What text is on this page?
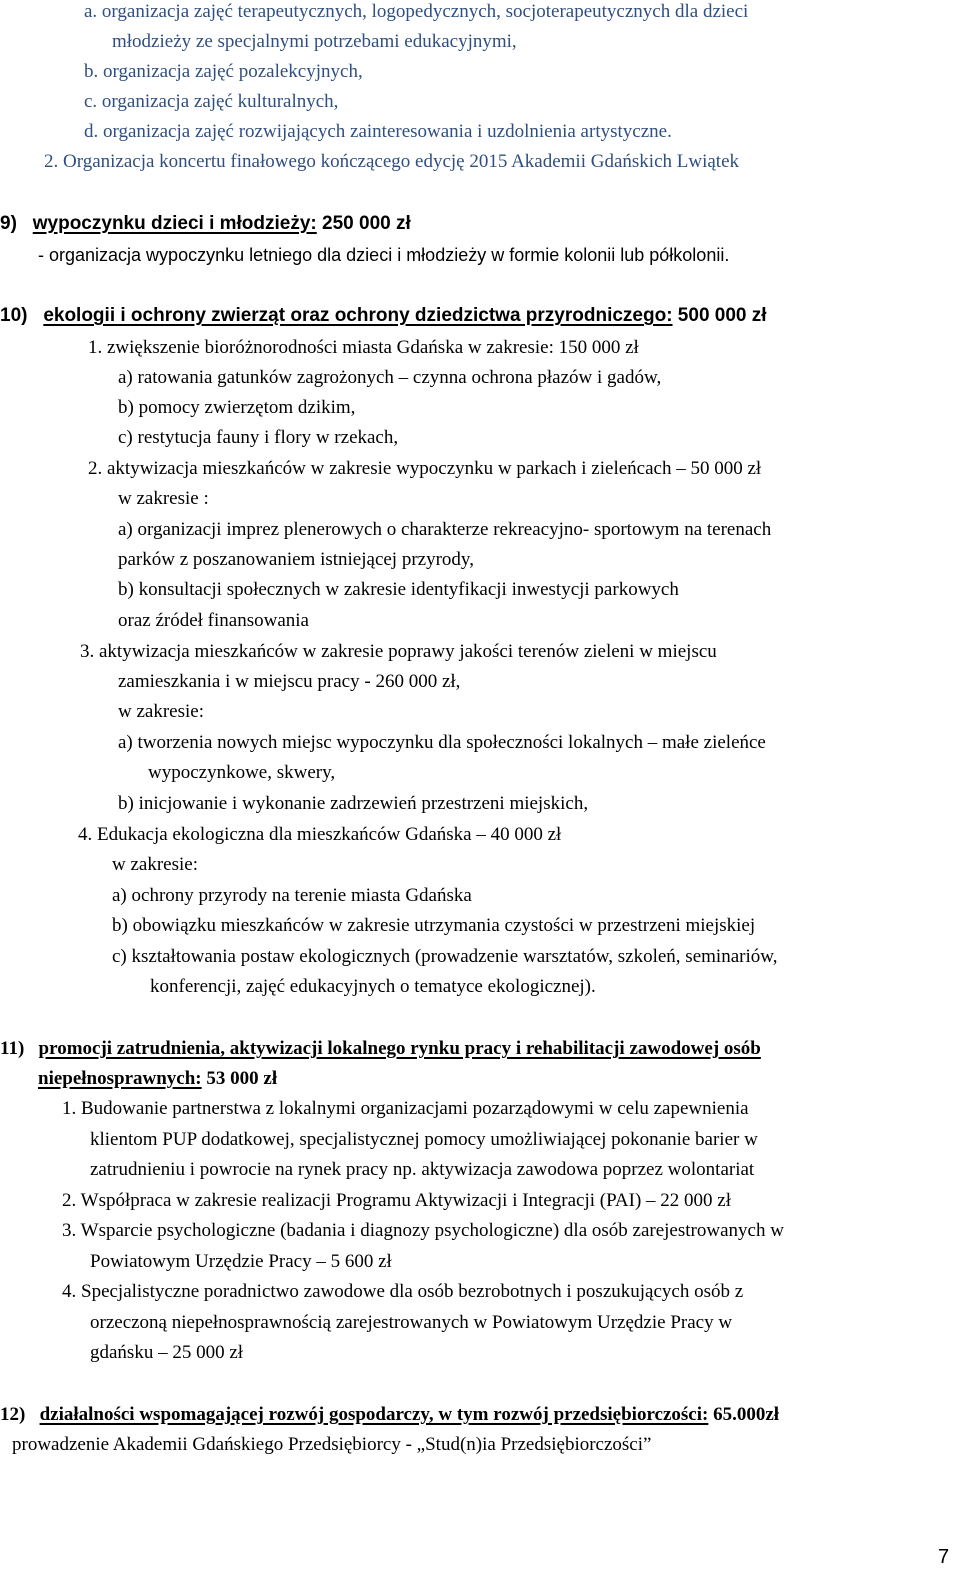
a. organizacja zajęć terapeutycznych, logopedycznych, socjoterapeutycznych dla dzieci
młodzieży ze specjalnymi potrzebami edukacyjnymi,
b. organizacja zajęć pozalekcyjnych,
c. organizacja zajęć kulturalnych,
d. organizacja zajęć rozwijających zainteresowania i uzdolnienia artystyczne.
2. Organizacja koncertu finałowego kończącego edycję 2015 Akademii Gdańskich Lwiątek
9) wypoczynku dzieci i młodzieży: 250 000 zł
- organizacja wypoczynku letniego dla dzieci i młodzieży w formie kolonii lub półkolonii.
10) ekologii i ochrony zwierząt oraz ochrony dziedzictwa przyrodniczego: 500 000 zł
1. zwiększenie bioróżnorodności miasta Gdańska w zakresie: 150 000 zł
a) ratowania gatunków zagrożonych – czynna ochrona płazów i gadów,
b) pomocy zwierzętom dzikim,
c) restytucja fauny i flory w rzekach,
2. aktywizacja mieszkańców w zakresie wypoczynku w parkach i zieleńcach – 50 000 zł
w zakresie :
a) organizacji imprez plenerowych o charakterze rekreacyjno- sportowym na terenach
parków z poszanowaniem istniejącej przyrody,
b) konsultacji społecznych w zakresie identyfikacji inwestycji parkowych
oraz źródeł finansowania
3. aktywizacja mieszkańców w zakresie poprawy jakości terenów zieleni w miejscu
zamieszkania i w miejscu pracy - 260 000 zł,
w zakresie:
a) tworzenia nowych miejsc wypoczynku dla społeczności lokalnych – małe zieleńce
wypoczynkowe, skwery,
b) inicjowanie i wykonanie zadrzewień przestrzeni miejskich,
4. Edukacja ekologiczna dla mieszkańców Gdańska – 40 000 zł
w zakresie:
a) ochrony przyrody na terenie miasta Gdańska
b) obowiązku mieszkańców w zakresie utrzymania czystości w przestrzeni miejskiej
c) kształtowania postaw ekologicznych (prowadzenie warsztatów, szkoleń, seminariów,
konferencji, zajęć edukacyjnych o tematyce ekologicznej).
11) promocji zatrudnienia, aktywizacji lokalnego rynku pracy i rehabilitacji zawodowej osób
niepełnosprawnych: 53 000 zł
1. Budowanie partnerstwa z lokalnymi organizacjami pozarządowymi w celu zapewnienia
klientom PUP dodatkowej, specjalistycznej pomocy umożliwiającej pokonanie barier w
zatrudnieniu i powrocie na rynek pracy np. aktywizacja zawodowa poprzez wolontariat
2. Współpraca w zakresie realizacji Programu Aktywizacji i Integracji (PAI) – 22 000 zł
3. Wsparcie psychologiczne (badania i diagnozy psychologiczne) dla osób zarejestrowanych w
Powiatowym Urzędzie Pracy – 5 600 zł
4. Specjalistyczne poradnictwo zawodowe dla osób bezrobotnych i poszukujących osób z
orzeczoną niepełnosprawnością zarejestrowanych w Powiatowym Urzędzie Pracy w
gdańsku – 25 000 zł
12) działalności wspomagającej rozwój gospodarczy, w tym rozwój przedsiębiorczości: 65.000zł
prowadzenie Akademii Gdańskiego Przedsiębiorcy - „Stud(n)ia Przedsiębiorczości”
7
